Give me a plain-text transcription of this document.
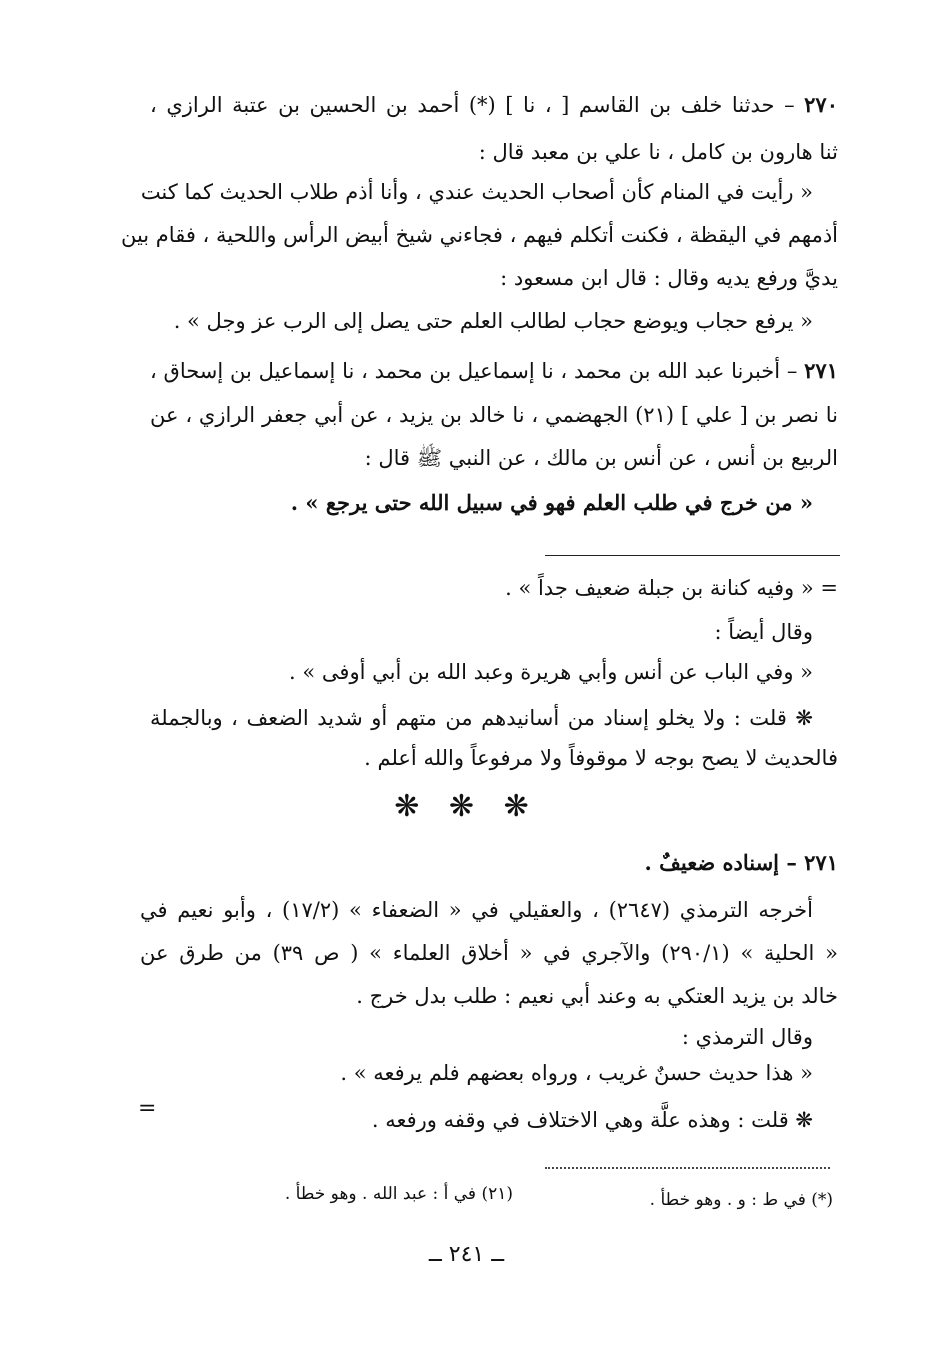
٢٧٠ – حدثنا خلف بن القاسم [ ، نا ] (*) أحمد بن الحسين بن عتبة الرازي ،
ثنا هارون بن كامل ، نا علي بن معبد قال :
« رأيت في المنام كأن أصحاب الحديث عندي ، وأنا أذم طلاب الحديث كما كنت
أذمهم في اليقظة ، فكنت أتكلم فيهم ، فجاءني شيخ أبيض الرأس واللحية ، فقام بين
يديَّ ورفع يديه وقال : قال ابن مسعود :
« يرفع حجاب ويوضع حجاب لطالب العلم حتى يصل إلى الرب عز وجل » .
٢٧١ – أخبرنا عبد الله بن محمد ، نا إسماعيل بن محمد ، نا إسماعيل بن إسحاق ،
نا نصر بن [ علي ] (٢١) الجهضمي ، نا خالد بن يزيد ، عن أبي جعفر الرازي ، عن
الربيع بن أنس ، عن أنس بن مالك ، عن النبي ﷺ قال :
« من خرج في طلب العلم فهو في سبيل الله حتى يرجع » .
= « وفيه كنانة بن جبلة ضعيف جداً » .
وقال أيضاً :
« وفي الباب عن أنس وأبي هريرة وعبد الله بن أبي أوفى » .
❋ قلت : ولا يخلو إسناد من أسانيدهم من متهم أو شديد الضعف ، وبالجملة
فالحديث لا يصح بوجه لا موقوفاً ولا مرفوعاً والله أعلم .
❋ ❋ ❋
٢٧١ – إسناده ضعيفٌ .
أخرجه الترمذي (٢٦٤٧) ، والعقيلي في « الضعفاء » (١٧/٢) ، وأبو نعيم في
« الحلية » (٢٩٠/١) والآجري في « أخلاق العلماء » ( ص ٣٩) من طرق عن
خالد بن يزيد العتكي به وعند أبي نعيم : طلب بدل خرج .
وقال الترمذي :
« هذا حديث حسنٌ غريب ، ورواه بعضهم فلم يرفعه » .
❋ قلت : وهذه علَّة وهي الاختلاف في وقفه ورفعه .
=
(*) في ط : و . وهو خطأ .
(٢١) في أ : عبد الله . وهو خطأ .
ــ ٢٤١ ــ
